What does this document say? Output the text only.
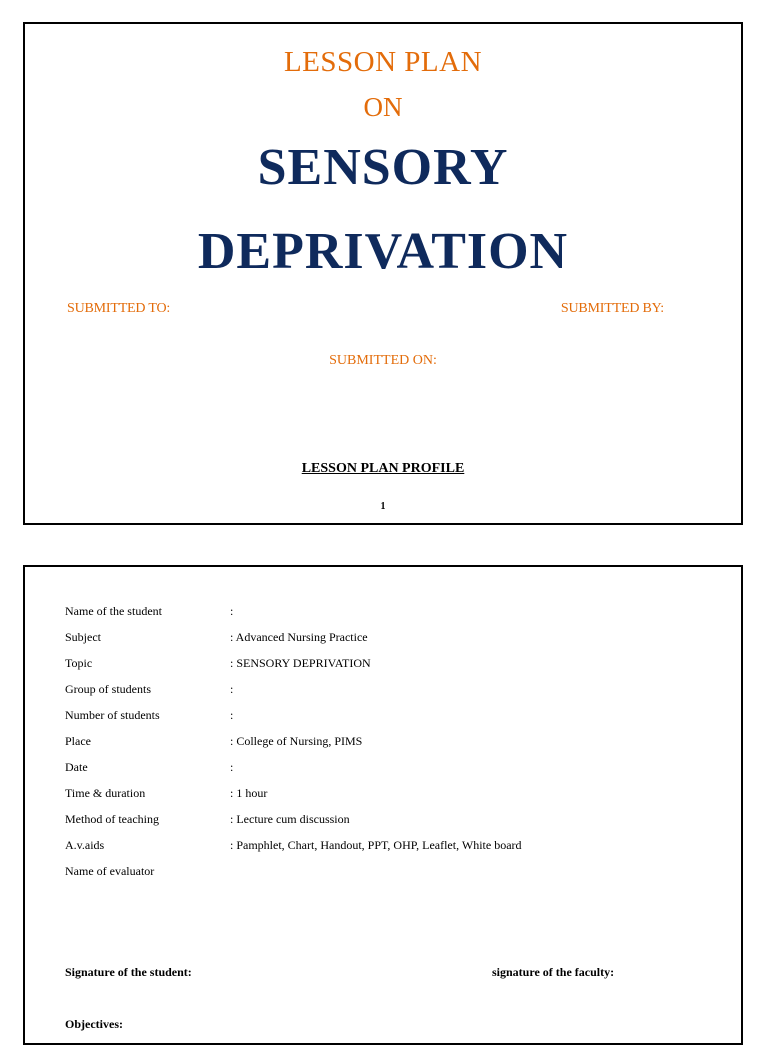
LESSON PLAN
ON
SENSORY
DEPRIVATION
SUBMITTED TO:	SUBMITTED BY:
SUBMITTED ON:
LESSON PLAN PROFILE
1
Name of the student	:
Subject	: Advanced Nursing Practice
Topic	: SENSORY DEPRIVATION
Group of students	:
Number of students	:
Place	: College of Nursing, PIMS
Date	:
Time & duration	: 1 hour
Method of teaching	: Lecture cum discussion
A.v.aids	: Pamphlet, Chart, Handout, PPT, OHP, Leaflet, White board
Name of evaluator
Signature of the student:	signature of the faculty:
Objectives:
